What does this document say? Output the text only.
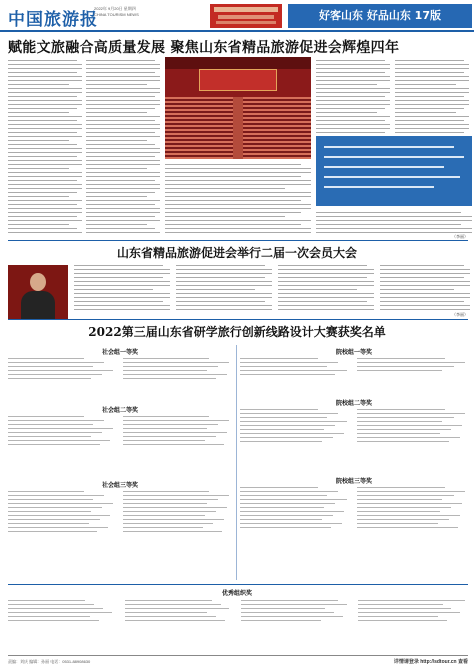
中国旅游报
2022年 9月20日 星期四
CHINA TOURISM NEWS	好客山东 好品山东 17版
赋能文旅融合高质量发展 聚焦山东省精品旅游促进会辉煌四年
（李丽）
山东省精品旅游促进会举行二届一次会员大会
（李丽）
2022第三届山东省研学旅行创新线路设计大赛获奖名单
社会组一等奖
社会组二等奖
社会组三等奖
院校组一等奖
院校组二等奖
院校组三等奖
优秀组织奖
责编：刘庆 编辑：孙丽 电话：0531-88908630	详情请登录 http://sdtour.cn 查看
